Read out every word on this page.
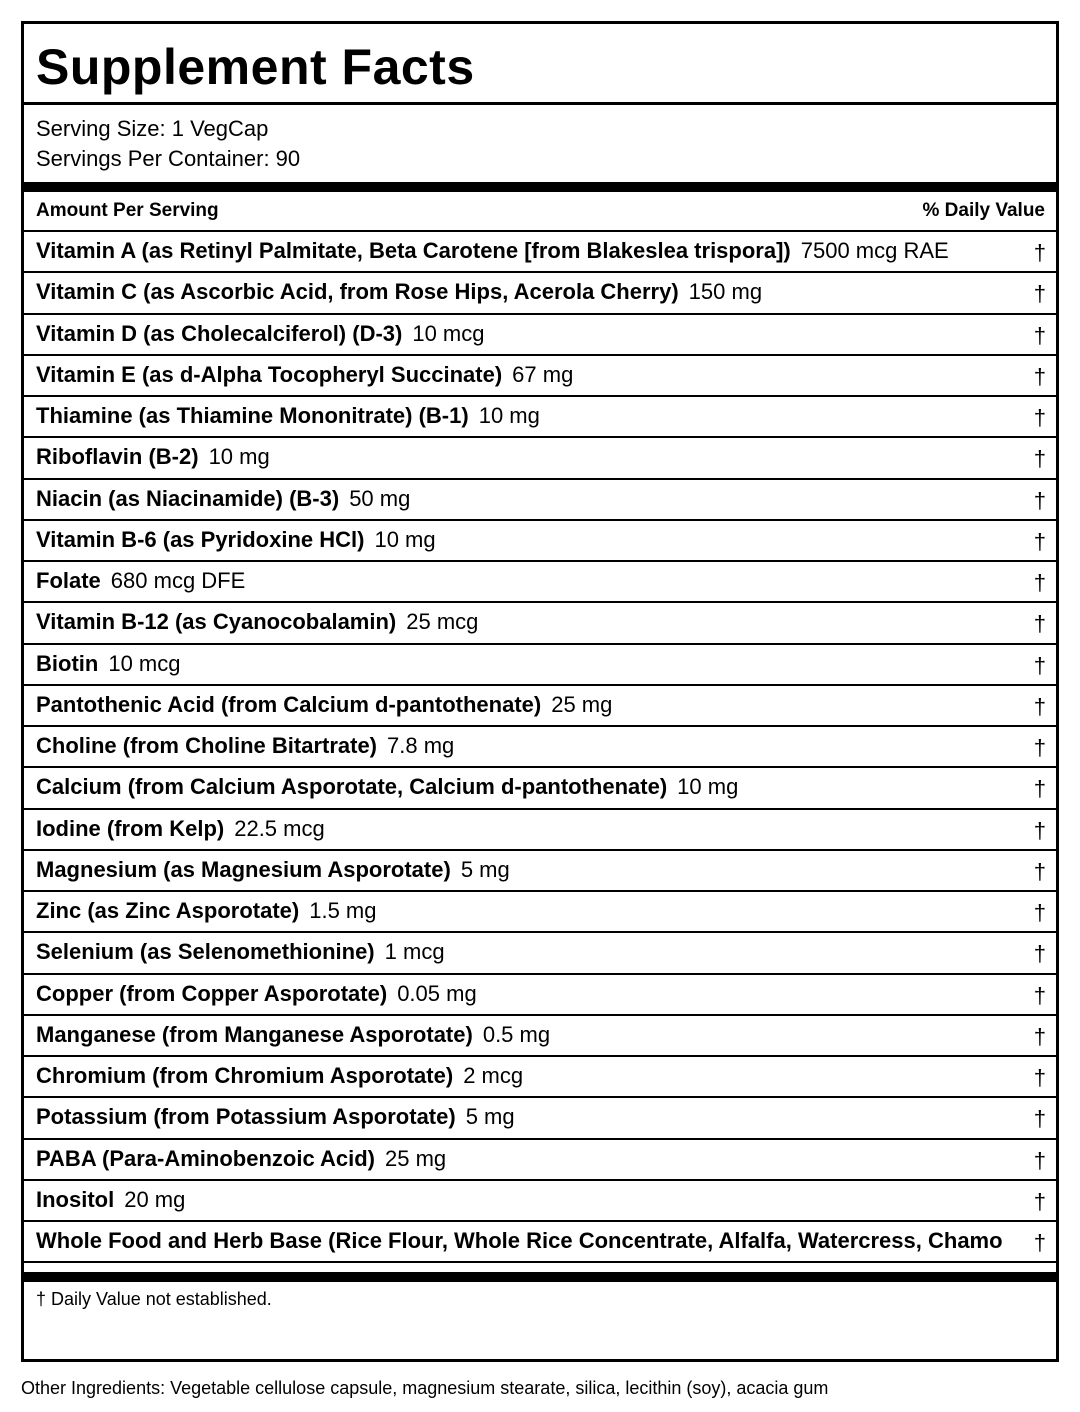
Supplement Facts
Serving Size: 1 VegCap
Servings Per Container: 90
Amount Per Serving	% Daily Value
Vitamin A (as Retinyl Palmitate, Beta Carotene [from Blakeslea trispora]) 7500 mcg RAE	†
Vitamin C (as Ascorbic Acid, from Rose Hips, Acerola Cherry) 150 mg	†
Vitamin D (as Cholecalciferol) (D-3) 10 mcg	†
Vitamin E (as d-Alpha Tocopheryl Succinate) 67 mg	†
Thiamine (as Thiamine Mononitrate) (B-1) 10 mg	†
Riboflavin (B-2) 10 mg	†
Niacin (as Niacinamide) (B-3) 50 mg	†
Vitamin B-6 (as Pyridoxine HCl) 10 mg	†
Folate 680 mcg DFE	†
Vitamin B-12 (as Cyanocobalamin) 25 mcg	†
Biotin 10 mcg	†
Pantothenic Acid (from Calcium d-pantothenate) 25 mg	†
Choline (from Choline Bitartrate) 7.8 mg	†
Calcium (from Calcium Asporotate, Calcium d-pantothenate) 10 mg	†
Iodine (from Kelp) 22.5 mcg	†
Magnesium (as Magnesium Asporotate) 5 mg	†
Zinc (as Zinc Asporotate) 1.5 mg	†
Selenium (as Selenomethionine) 1 mcg	†
Copper (from Copper Asporotate) 0.05 mg	†
Manganese (from Manganese Asporotate) 0.5 mg	†
Chromium (from Chromium Asporotate) 2 mcg	†
Potassium (from Potassium Asporotate) 5 mg	†
PABA (Para-Aminobenzoic Acid) 25 mg	†
Inositol 20 mg	†
Whole Food and Herb Base (Rice Flour, Whole Rice Concentrate, Alfalfa, Watercress, Chamo †
† Daily Value not established.
Other Ingredients: Vegetable cellulose capsule, magnesium stearate, silica, lecithin (soy), acacia gum
